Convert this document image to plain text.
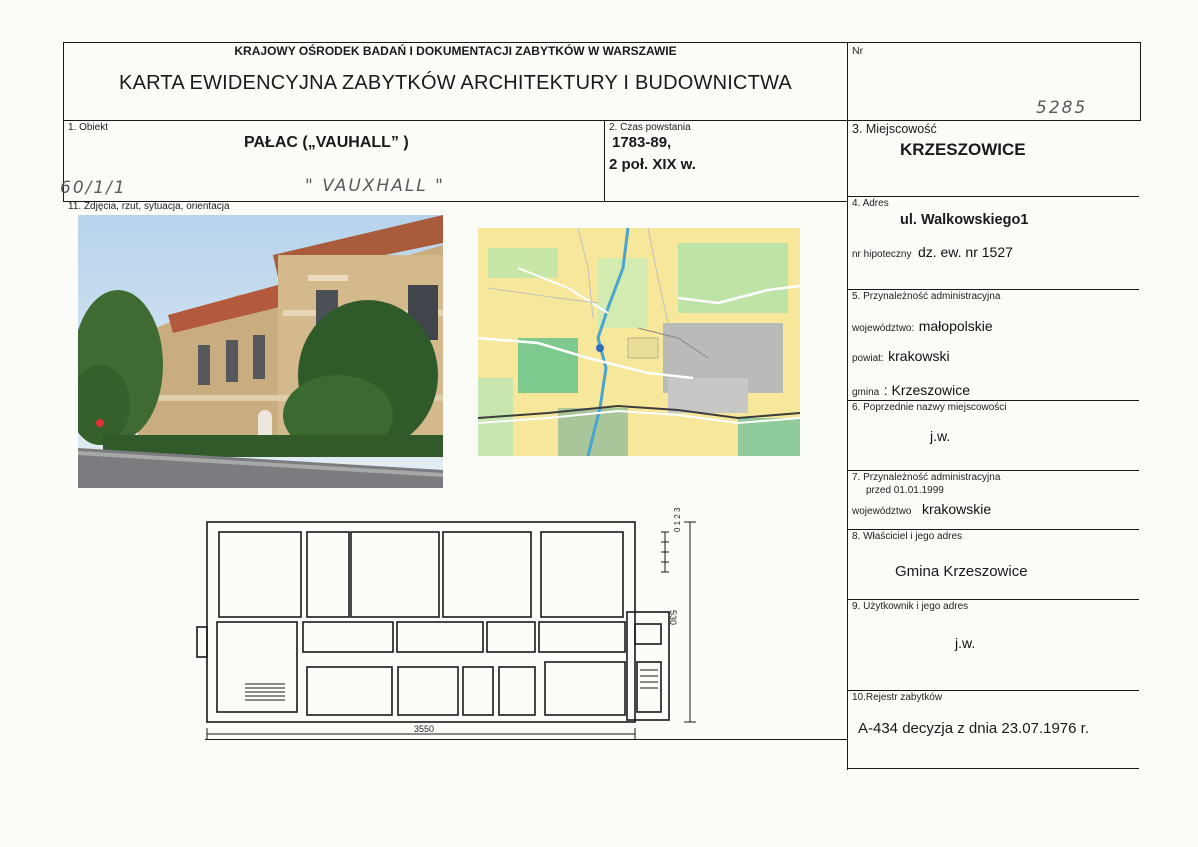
KRAJOWY OŚRODEK BADAŃ I DOKUMENTACJI ZABYTKÓW W WARSZAWIE
KARTA EWIDENCYJNA ZABYTKÓW ARCHITEKTURY I BUDOWNICTWA
Nr
5285
1. Obiekt
PAŁAC („VAUHALL” )
60/1/1	" VAUXHALL "
2. Czas powstania
1783-89,
2 poł. XIX w.
3. Miejscowość
KRZESZOWICE
11. Zdjęcia, rzut, sytuacja, orientacja
3550
530
0 1 2 3
4. Adres
ul. Walkowskiego1
nr hipoteczny dz. ew. nr 1527
5. Przynależność administracyjna
województwo: małopolskie
powiat: krakowski
gmina : Krzeszowice
6. Poprzednie nazwy miejscowości
j.w.
7. Przynależność administracyjna
przed 01.01.1999
województwo krakowskie
8. Właściciel i jego adres
Gmina Krzeszowice
9. Użytkownik i jego adres
j.w.
10.Rejestr zabytków
A-434 decyzja z dnia 23.07.1976 r.
